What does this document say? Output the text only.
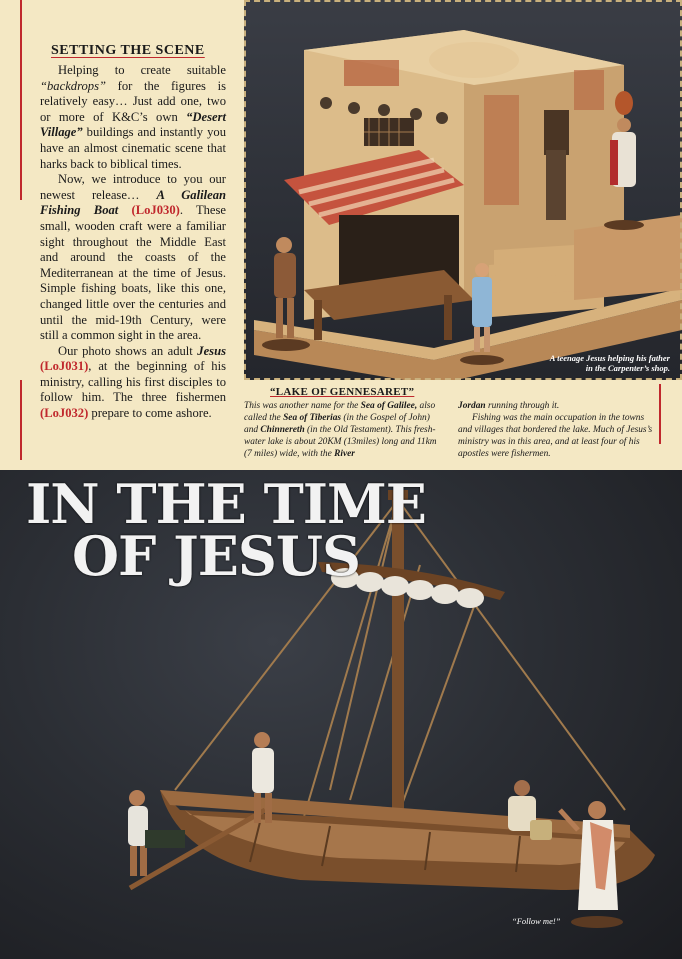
SETTING THE SCENE

Helping to create suitable “backdrops” for the figures is relatively easy… Just add one, two or more of K&C’s own “Desert Village” buildings and instantly you have an almost cinematic scene that harks back to biblical times.

Now, we introduce to you our newest release… A Galilean Fishing Boat (LoJ030). These small, wooden craft were a familiar sight throughout the Middle East and around the coasts of the Mediterranean at the time of Jesus. Simple fishing boats, like this one, changed little over the centuries and until the mid-19th Century, were still a common sight in the area.

Our photo shows an adult Jesus (LoJ031), at the beginning of his ministry, calling his first disciples to follow him. The three fishermen (LoJ032) prepare to come ashore.

A teenage Jesus helping his father
in the Carpenter’s shop.
“LAKE OF GENNESARET”

This was another name for the Sea of Galilee, also called the Sea of Tiberias (in the Gospel of John) and Chinnereth (in the Old Testament). This fresh-water lake is about 20KM (13miles) long and 11km (7 miles) wide, with the River

Jordan running through it.

Fishing was the main occupation in the towns and villages that bordered the lake. Much of Jesus’s ministry was in this area, and at least four of his apostles were fishermen.

IN THE TIME
OF JESUS
“Follow me!”
